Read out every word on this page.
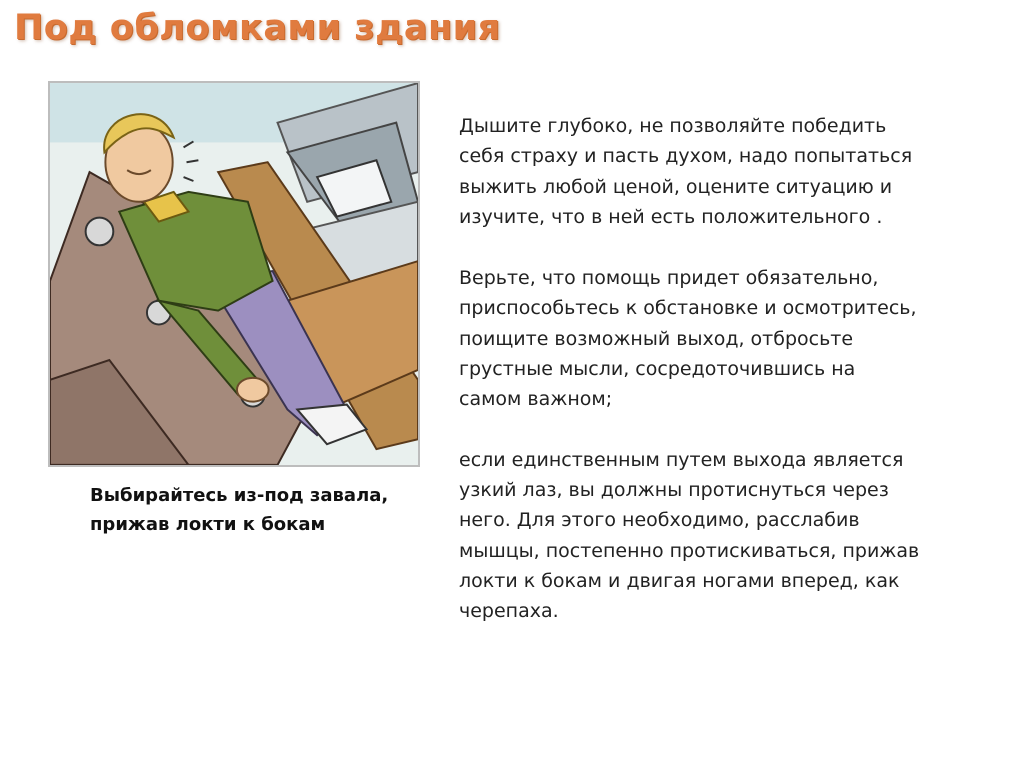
Под обломками здания
Выбирайтесь из-под завала,
прижав локти к бокам

Дышите глубоко, не позволяйте победить
себя страху и пасть духом, надо попытаться
выжить любой ценой, оцените ситуацию и
изучите, что в ней есть положительного .

Верьте, что помощь придет обязательно,
приспособьтесь к обстановке и осмотритесь,
поищите возможный выход, отбросьте
грустные мысли, сосредоточившись на
самом важном;

если единственным путем выхода является
узкий лаз, вы должны протиснуться через
него. Для этого необходимо, расслабив
мышцы, постепенно протискиваться, прижав
локти к бокам и двигая ногами вперед, как
черепаха.
